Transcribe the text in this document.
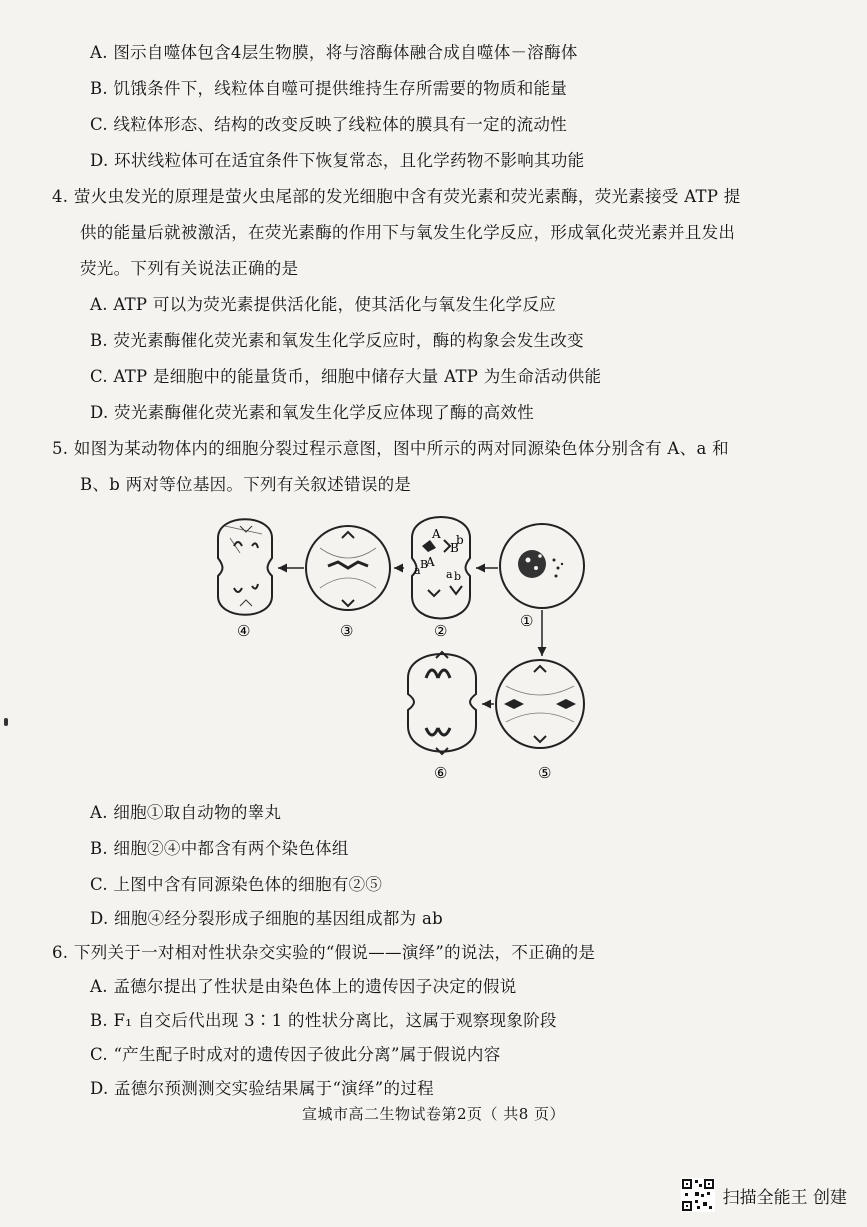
A. 图示自噬体包含4层生物膜，将与溶酶体融合成自噬体－溶酶体
B. 饥饿条件下，线粒体自噬可提供维持生存所需要的物质和能量
C. 线粒体形态、结构的改变反映了线粒体的膜具有一定的流动性
D. 环状线粒体可在适宜条件下恢复常态，且化学药物不影响其功能
4. 萤火虫发光的原理是萤火虫尾部的发光细胞中含有荧光素和荧光素酶，荧光素接受 ATP 提
供的能量后就被激活，在荧光素酶的作用下与氧发生化学反应，形成氧化荧光素并且发出
荧光。下列有关说法正确的是
A. ATP 可以为荧光素提供活化能，使其活化与氧发生化学反应
B. 荧光素酶催化荧光素和氧发生化学反应时，酶的构象会发生改变
C. ATP 是细胞中的能量货币，细胞中储存大量 ATP 为生命活动供能
D. 荧光素酶催化荧光素和氧发生化学反应体现了酶的高效性
5. 如图为某动物体内的细胞分裂过程示意图，图中所示的两对同源染色体分别含有 A、a 和
B、b 两对等位基因。下列有关叙述错误的是
A
B
b
a B
A
a b
④	③	②
①
⑥	⑤
A. 细胞①取自动物的睾丸
B. 细胞②④中都含有两个染色体组
C. 上图中含有同源染色体的细胞有②⑤
D. 细胞④经分裂形成子细胞的基因组成都为 ab
6. 下列关于一对相对性状杂交实验的“假说——演绎”的说法，不正确的是
A. 孟德尔提出了性状是由染色体上的遗传因子决定的假说
B. F₁ 自交后代出现 3∶1 的性状分离比，这属于观察现象阶段
C. “产生配子时成对的遗传因子彼此分离”属于假说内容
D. 孟德尔预测测交实验结果属于“演绎”的过程
宣城市高二生物试卷第2页（ 共8 页）
扫描全能王 创建
